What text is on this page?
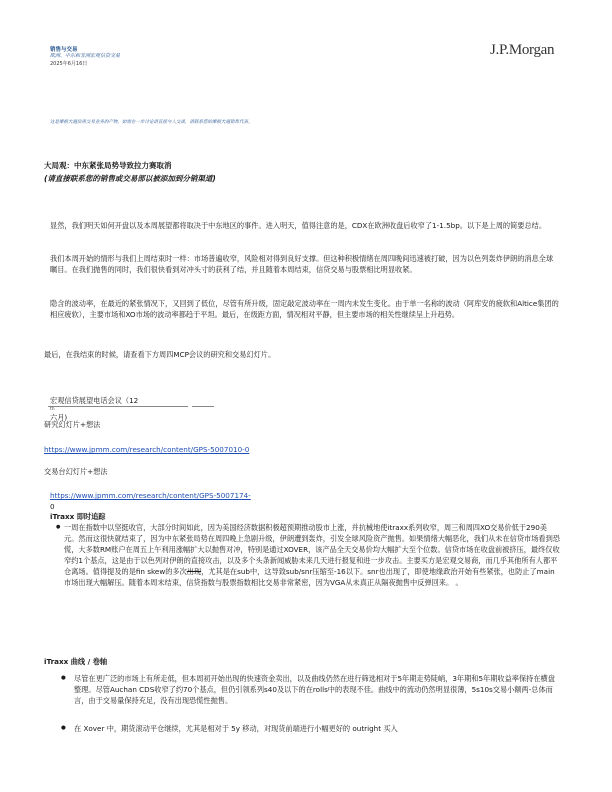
销售与交易
欧洲、中东和非洲宏观信贷交易
2025年6月16日
J.P.Morgan
这是摩根大通信用交易业务的产物。如需在一步讨论请直接与人交谈，请联系您的摩根大通销售代表。
大局观：中东紧张局势导致拉力赛取消
(请直接联系您的销售或交易部以被添加到分销渠道)
显然，我们明天如何开盘以及本周展望都将取决于中东地区的事件。进入明天，值得注意的是，CDX在欧洲收盘后收窄了1-1.5bp。以下是上周的简要总结。
我们本周开始的情形与我们上周结束时一样：市场普遍收窄，风险相对得到良好支撑。但这种积极情绪在周四晚间迅速被打破，因为以色列轰炸伊朗的消息全球瞩目。在我们抛售的同时，我们很快看到对冲头寸的获利了结，并且随着本周结束，信贷交易与股票相比明显收紧。
隐含的波动率，在最近的紧张情况下，又回到了低位，尽管有所升级，固定敲定波动率在一周内未发生变化。由于单一名称的波动（阿库安的疲软和Altice集团的相应疲软），主要市场和XO市场的波动率都趋于平坦。最后，在级距方面，情况相对平静，但主要市场的相关性继续呈上升趋势。
最后，在我结束的时候，请查看下方周四MCP会议的研究和交易幻灯片。
宏观信贷展望电话会议（12
th
六月)
研究幻灯片+想法
https://www.jpmm.com/research/content/GPS-5007010-0
交易台幻灯片+想法
https://www.jpmm.com/research/content/GPS-5007174-
0
iTraxx 即时追踪
● 一周在指数中以坚挺收官，大部分时间如此，因为美国经济数据积极超预期推动股市上涨，并抗械地使itraxx系列收窄，周三和周四XO交易价低于290美元。然而这很快就结束了，因为中东紧张局势在周四晚上急剧升级，伊朗遭到轰炸，引发全球风险资产抛售。如果情绪大幅恶化，我们从未在信贷市场看到恐慌，大多数RM账户在周五上午利用涨幅扩大以抛售对冲，特别是通过XOVER，该产品全天交易价均大幅扩大至个位数。信贷市场在收盘前被挤压，最终仅收窄约1个基点，这是由于以色列对伊朗的直接攻击，以及多个头条新闻威胁未来几天进行报复和进一步攻击。主要买方是宏观交易商，而几乎其他所有人都平仓离场。值得提及的是fin skew的多次出现，尤其是在sub中，这导致sub/snr压缩至-16以下。snr也出现了，即使地缘政治开始有些紧张，也防止了main市场出现大幅解压。随着本周末结束，信贷指数与股票指数相比交易非常紧密，因为VGA从未真正从隔夜抛售中反弹回来。 。
iTraxx 曲线 / 卷轴
● 尽管在更广泛的市场上有所走低，但本周初开始出现的快速资金卖出，以及曲线仍然在进行筛选相对于5年期走势陡峭，3年期和5年期收益率保持在横盘整理。尽管Auchan CDS收窄了约70个基点，但仍引领系列s40及以下的在rolls中的表现不佳。曲线中的流动仍然明显很薄，5s10s交易小额两-总体而言，由于交易量保持充足，没有出现恐慌性抛售。
● 在 Xover 中，期货滚动平仓继续，尤其是相对于 5y 移动，对现货前端进行小幅更好的 outright 买入
